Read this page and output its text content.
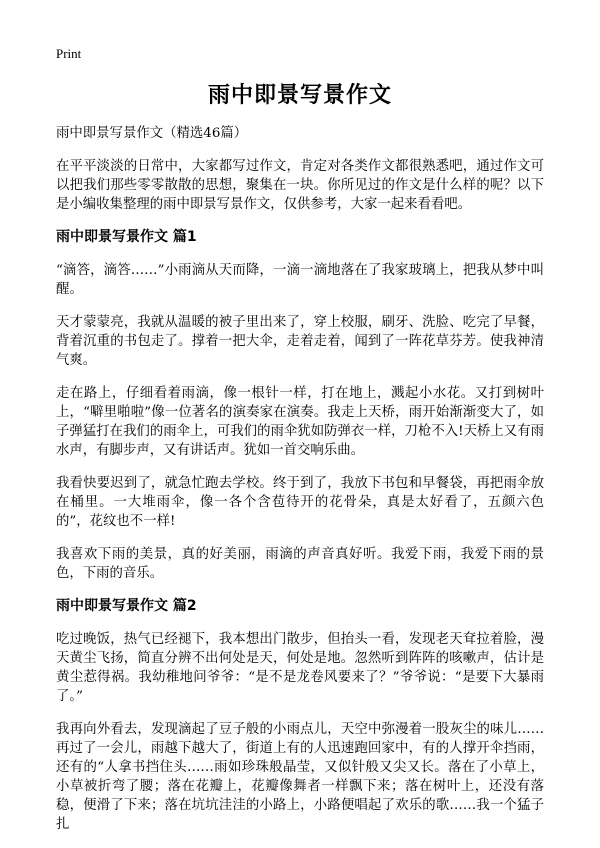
Print
雨中即景写景作文

雨中即景写景作文（精选46篇）

在平平淡淡的日常中，大家都写过作文，肯定对各类作文都很熟悉吧，通过作文可以把我们那些零零散散的思想，聚集在一块。你所见过的作文是什么样的呢？以下是小编收集整理的雨中即景写景作文，仅供参考，大家一起来看看吧。

雨中即景写景作文 篇1

“滴答，滴答……”小雨滴从天而降，一滴一滴地落在了我家玻璃上，把我从梦中叫醒。

天才蒙蒙亮，我就从温暖的被子里出来了，穿上校服，刷牙、洗脸、吃完了早餐，背着沉重的书包走了。撑着一把大伞，走着走着，闻到了一阵花草芬芳。使我神清气爽。

走在路上，仔细看着雨滴，像一根针一样，打在地上，溅起小水花。又打到树叶上，“噼里啪啦”像一位著名的演奏家在演奏。我走上天桥，雨开始渐渐变大了，如子弹猛打在我们的雨伞上，可我们的雨伞犹如防弹衣一样，刀枪不入!天桥上又有雨水声，有脚步声，又有讲话声。犹如一首交响乐曲。

我看快要迟到了，就急忙跑去学校。终于到了，我放下书包和早餐袋，再把雨伞放在桶里。一大堆雨伞，像一各个含苞待开的花骨朵，真是太好看了，五颜六色的”，花纹也不一样!

我喜欢下雨的美景，真的好美丽，雨滴的声音真好听。我爱下雨，我爱下雨的景色，下雨的音乐。

雨中即景写景作文 篇2

吃过晚饭，热气已经褪下，我本想出门散步，但抬头一看，发现老天耷拉着脸，漫天黄尘飞扬，简直分辨不出何处是天，何处是地。忽然听到阵阵的咳嗽声，估计是黄尘惹得祸。我幼稚地问爷爷：“是不是龙卷风要来了？”爷爷说：“是要下大暴雨了。”

我再向外看去，发现滴起了豆子般的小雨点儿，天空中弥漫着一股灰尘的味儿……再过了一会儿，雨越下越大了，街道上有的人迅速跑回家中，有的人撑开伞挡雨，还有的“人拿书挡住头……雨如珍珠般晶莹，又似针般又尖又长。落在了小草上，小草被折弯了腰；落在花瓣上，花瓣像舞者一样飘下来；落在树叶上，还没有落稳，便滑了下来；落在坑坑洼洼的小路上，小路便唱起了欢乐的歌……我一个猛子扎
